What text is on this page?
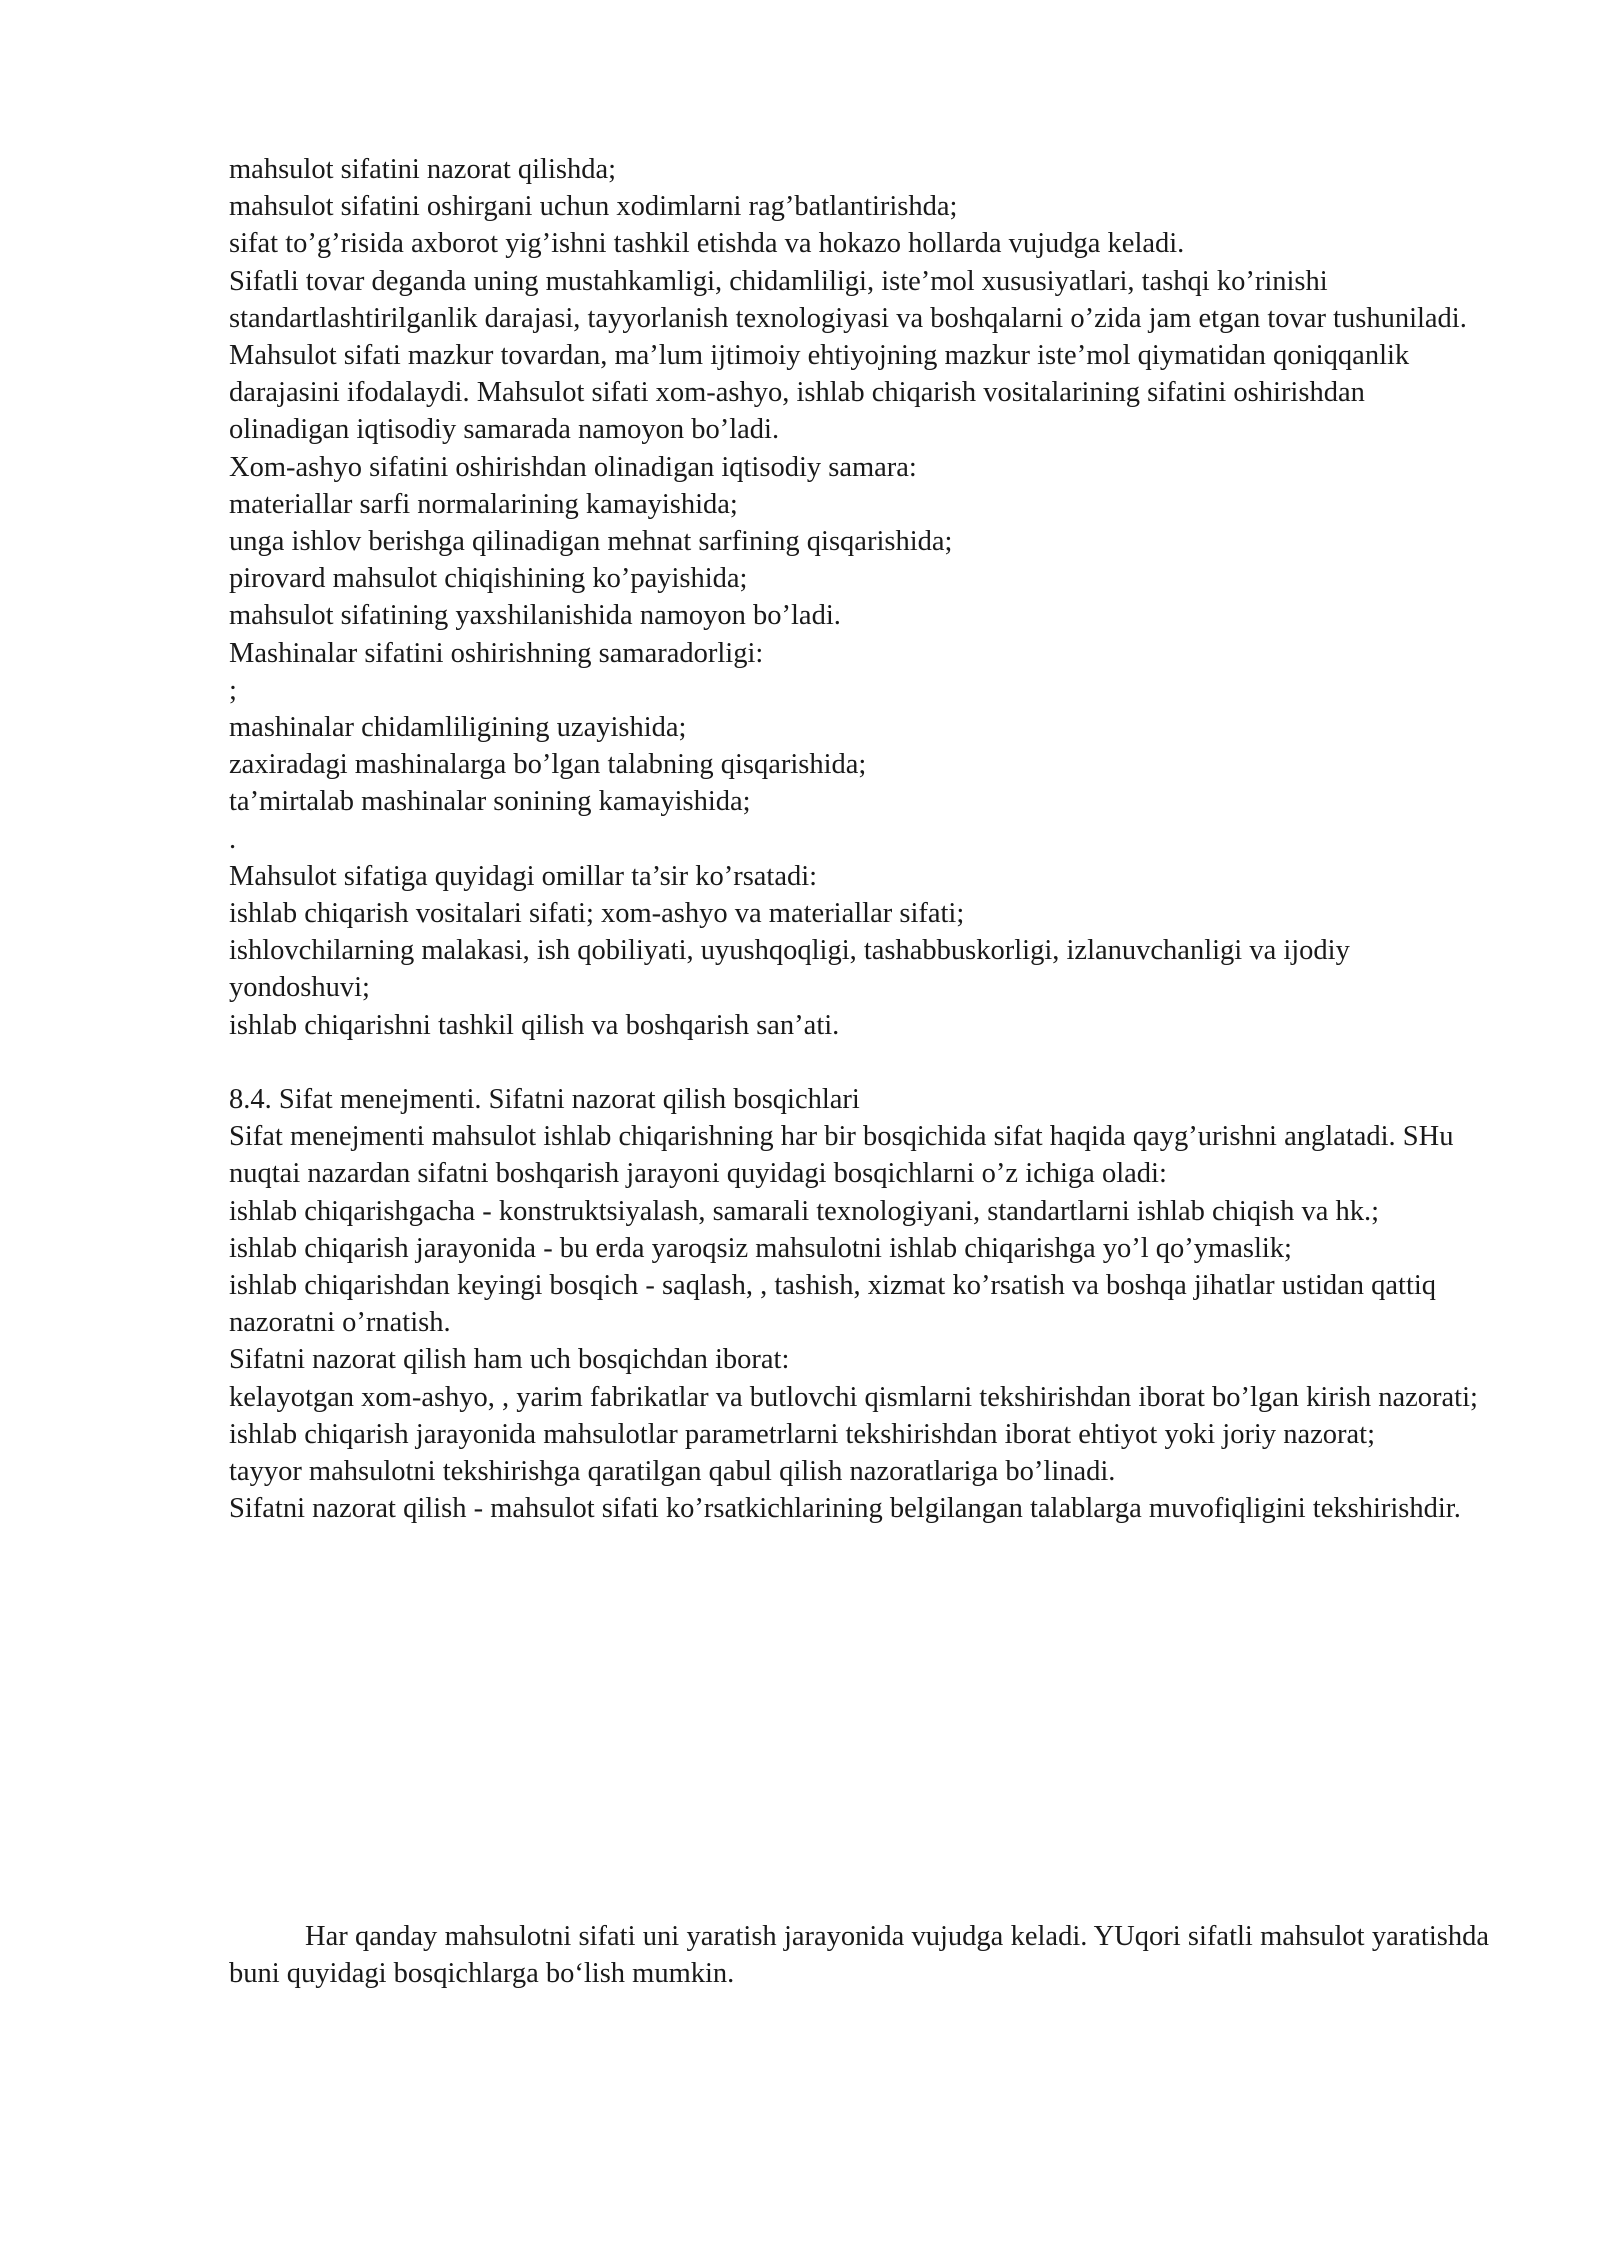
mahsulot sifatini nazorat qilishda;

mahsulot sifatini oshirgani uchun xodimlarni rag’batlantirishda;

sifat to’g’risida axborot yig’ishni tashkil etishda va hokazo hollarda vujudga keladi.

Sifatli tovar deganda uning mustahkamligi, chidamliligi, iste’mol xususiyatlari, tashqi ko’rinishi standartlashtirilganlik darajasi, tayyorlanish texnologiyasi va boshqalarni o’zida jam etgan tovar tushuniladi.

Mahsulot sifati mazkur tovardan, ma’lum ijtimoiy ehtiyojning mazkur iste’mol qiymatidan qoniqqanlik darajasini ifodalaydi. Mahsulot sifati xom-ashyo, ishlab chiqarish vositalarining sifatini oshirishdan olinadigan iqtisodiy samarada namoyon bo’ladi.

Xom-ashyo sifatini oshirishdan olinadigan iqtisodiy samara:

materiallar sarfi normalarining kamayishida;

unga ishlov berishga qilinadigan mehnat sarfining qisqarishida;

pirovard mahsulot chiqishining ko’payishida;

mahsulot sifatining yaxshilanishida namoyon bo’ladi.

Mashinalar sifatini oshirishning samaradorligi:

;

mashinalar chidamliligining uzayishida;

zaxiradagi mashinalarga bo’lgan talabning qisqarishida;

ta’mirtalab mashinalar sonining kamayishida;

.

Mahsulot sifatiga quyidagi omillar ta’sir ko’rsatadi:

ishlab chiqarish vositalari sifati; xom-ashyo va materiallar sifati;

ishlovchilarning malakasi, ish qobiliyati, uyushqoqligi, tashabbuskorligi, izlanuvchanligi va ijodiy yondoshuvi;

ishlab chiqarishni tashkil qilish va boshqarish san’ati.

8.4. Sifat menejmenti. Sifatni nazorat qilish bosqichlari

Sifat menejmenti mahsulot ishlab chiqarishning har bir bosqichida sifat haqida qayg’urishni anglatadi. SHu nuqtai nazardan sifatni boshqarish jarayoni quyidagi bosqichlarni o’z ichiga oladi:

ishlab chiqarishgacha - konstruktsiyalash, samarali texnologiyani, standartlarni ishlab chiqish va hk.;

ishlab chiqarish jarayonida - bu erda yaroqsiz mahsulotni ishlab chiqarishga yo’l qo’ymaslik;

ishlab chiqarishdan keyingi bosqich - saqlash, , tashish, xizmat ko’rsatish va boshqa jihatlar ustidan qattiq nazoratni o’rnatish.

Sifatni nazorat qilish ham uch bosqichdan iborat:

kelayotgan xom-ashyo, , yarim fabrikatlar va butlovchi qismlarni tekshirishdan iborat bo’lgan kirish nazorati;

ishlab chiqarish jarayonida mahsulotlar parametrlarni tekshirishdan iborat ehtiyot yoki joriy nazorat;

tayyor mahsulotni tekshirishga qaratilgan qabul qilish nazoratlariga bo’linadi.

Sifatni nazorat qilish - mahsulot sifati ko’rsatkichlarining belgilangan talablarga muvofiqligini tekshirishdir.

Har qanday mahsulotni sifati uni yaratish jarayonida vujudga keladi. YUqori sifatli mahsulot yaratishda buni quyidagi bosqichlarga bo‘lish mumkin.
